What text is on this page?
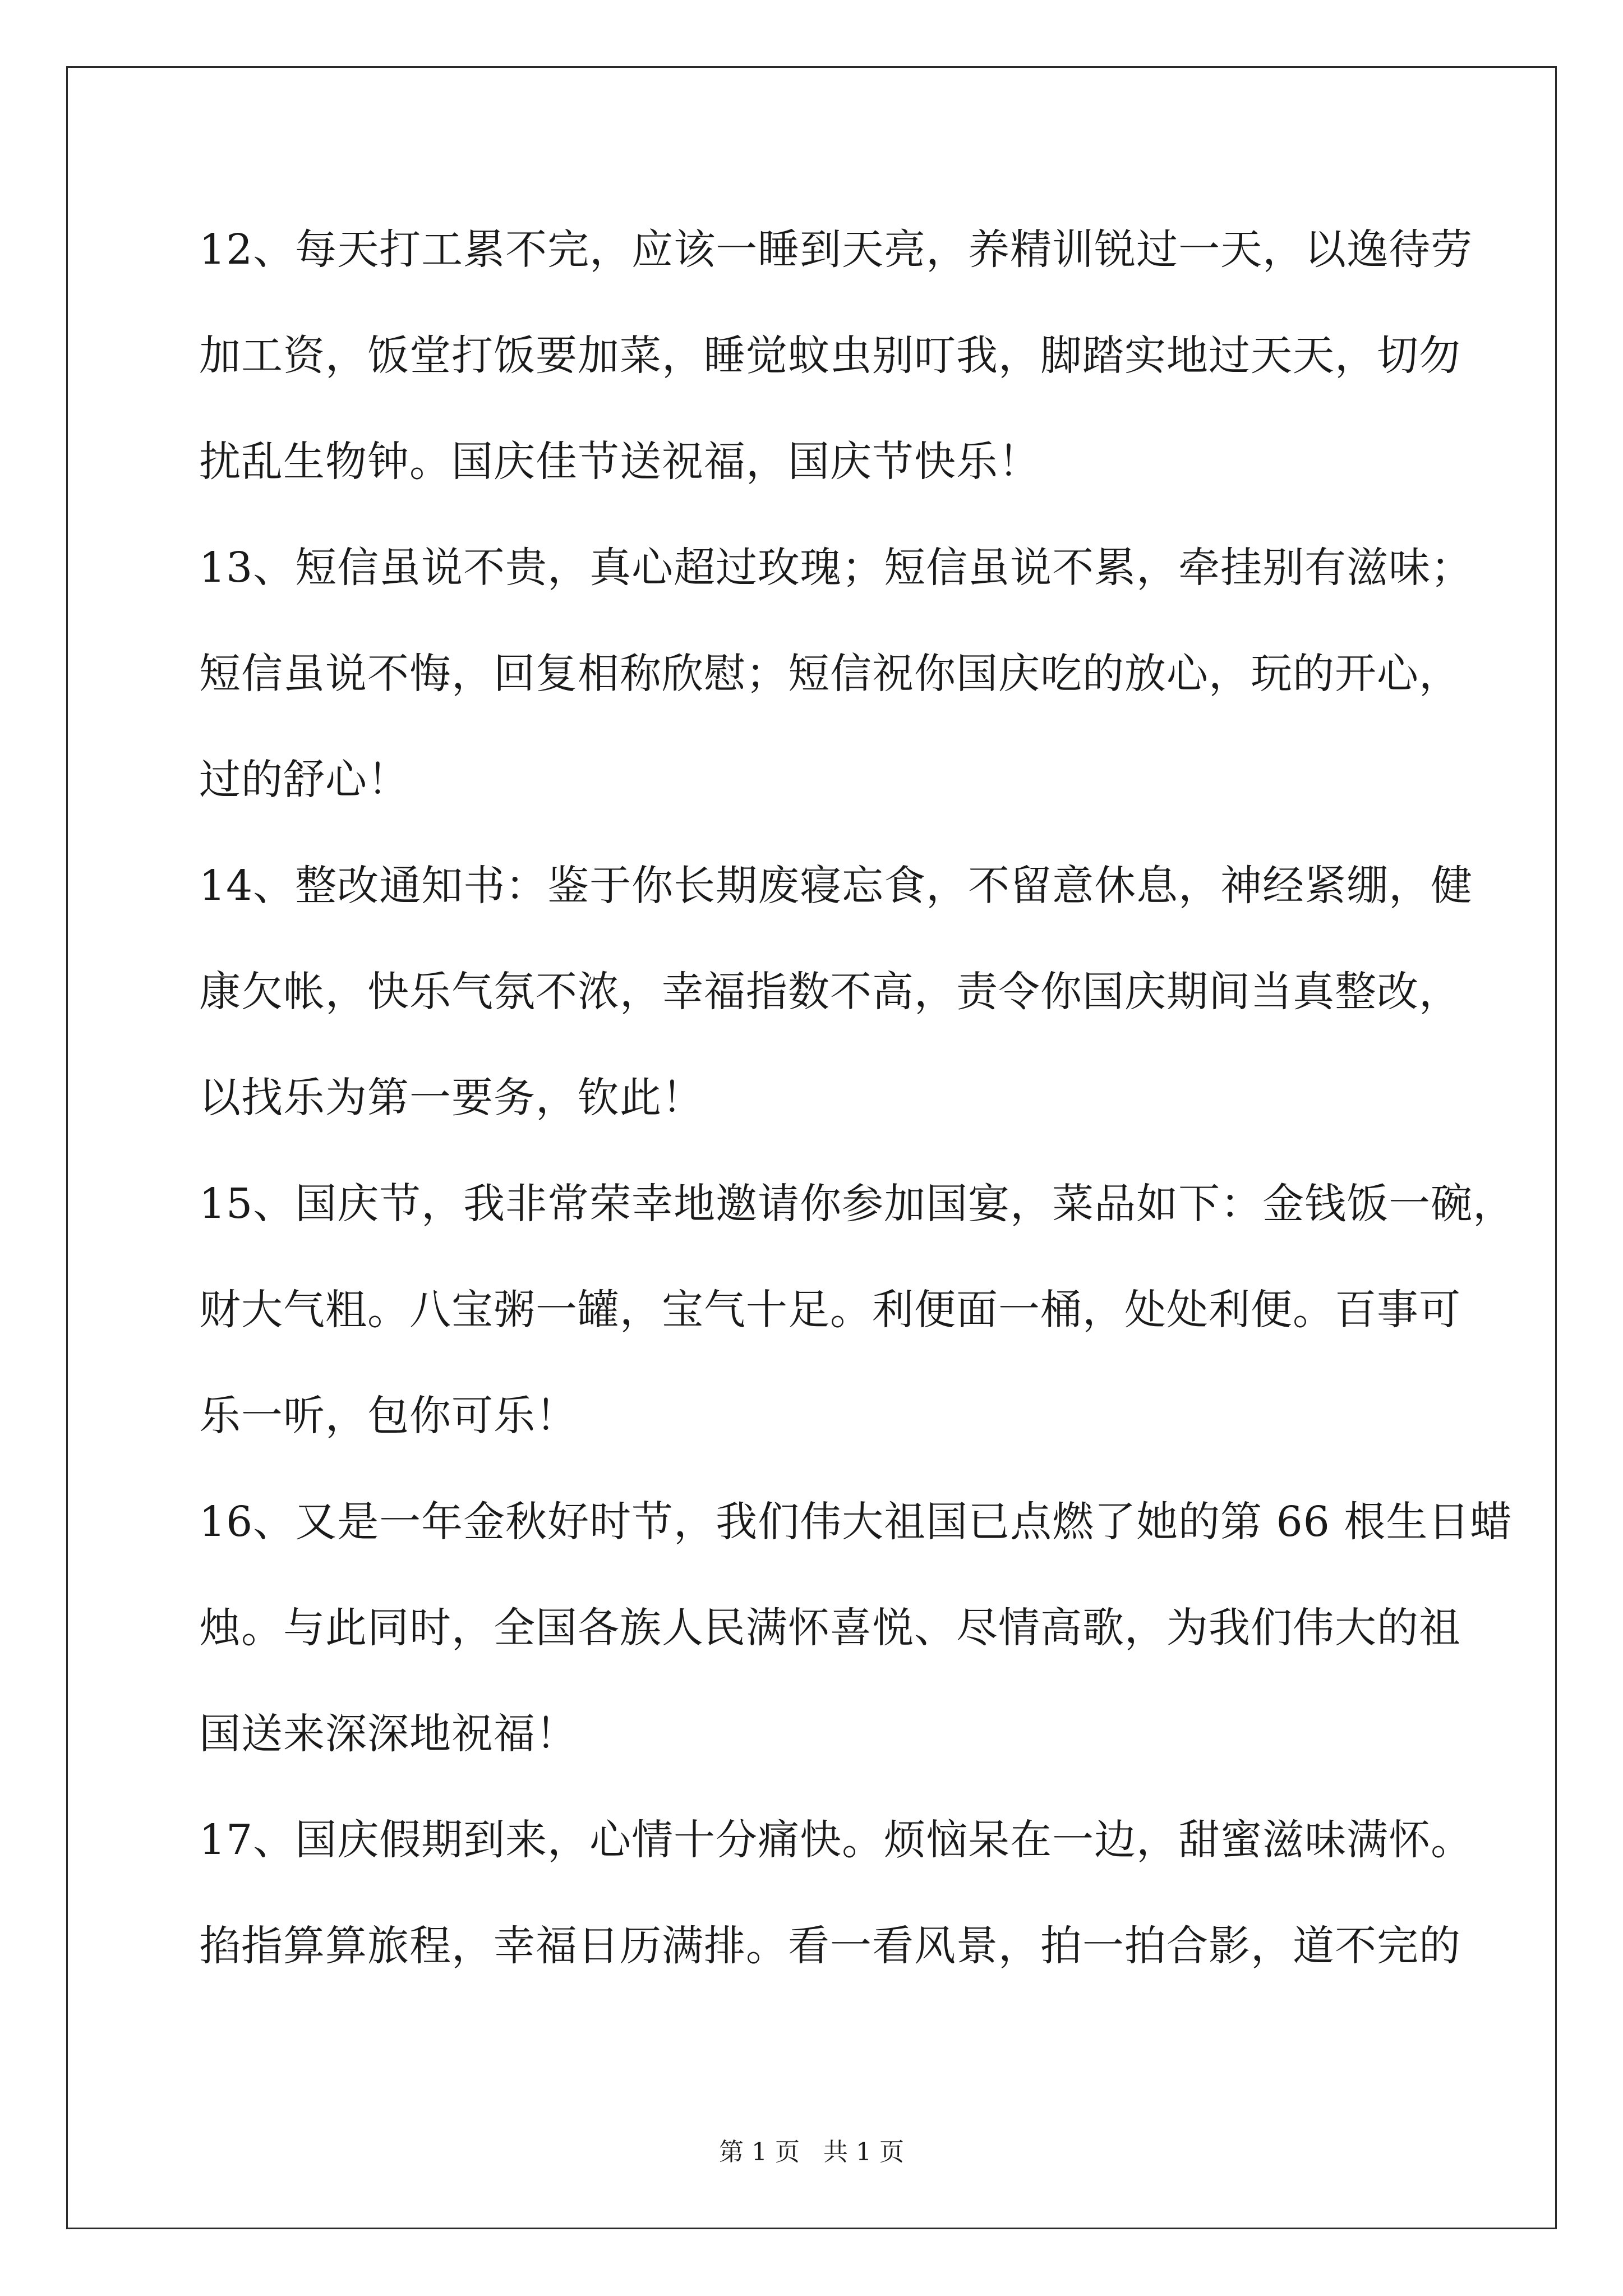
12、每天打工累不完，应该一睡到天亮，养精训锐过一天，以逸待劳
加工资，饭堂打饭要加菜，睡觉蚊虫别叮我，脚踏实地过天天，切勿
扰乱生物钟。国庆佳节送祝福，国庆节快乐！
13、短信虽说不贵，真心超过玫瑰；短信虽说不累，牵挂别有滋味；
短信虽说不悔，回复相称欣慰；短信祝你国庆吃的放心，玩的开心，
过的舒心！
14、整改通知书：鉴于你长期废寝忘食，不留意休息，神经紧绷，健
康欠帐，快乐气氛不浓，幸福指数不高，责令你国庆期间当真整改，
以找乐为第一要务，钦此！
15、国庆节，我非常荣幸地邀请你参加国宴，菜品如下：金钱饭一碗，
财大气粗。八宝粥一罐，宝气十足。利便面一桶，处处利便。百事可
乐一听，包你可乐！
16、又是一年金秋好时节，我们伟大祖国已点燃了她的第 66 根生日蜡
烛。与此同时，全国各族人民满怀喜悦、尽情高歌，为我们伟大的祖
国送来深深地祝福！
17、国庆假期到来，心情十分痛快。烦恼呆在一边，甜蜜滋味满怀。
掐指算算旅程，幸福日历满排。看一看风景，拍一拍合影，道不完的
第 1 页 共 1 页
